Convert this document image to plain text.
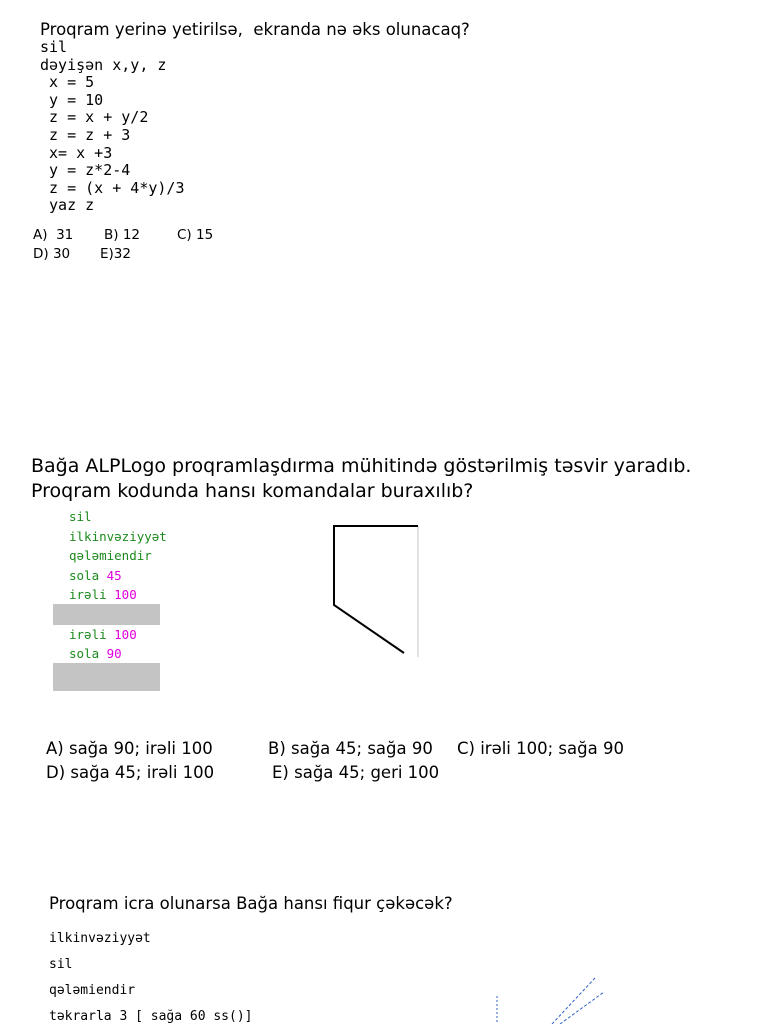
Proqram yerinə yetirilsə,  ekranda nə əks olunacaq?
sil
dəyişən x,y, z
x = 5
y = 10
z = x + y/2
z = z + 3
x= x +3
y = z*2-4
z = (x + 4*y)/3
yaz z
A)  31 B) 12	C) 15
D) 30 E)32
Bağa ALPLogo proqramlaşdırma mühitində göstərilmiş təsvir yaradıb.
Proqram kodunda hansı komandalar buraxılıb?
sil
ilkinvəziyyət
qələmiendir
sola 45
irəli 100
irəli 100
sola 90
A) sağa 90; irəli 100	B) sağa 45; sağa 90 C) irəli 100; sağa 90
D) sağa 45; irəli 100	E) sağa 45; geri 100
Proqram icra olunarsa Bağa hansı fiqur çəkəcək?
ilkinvəziyyət
sil
qələmiendir
təkrarla 3 [ sağa 60 ss()]
